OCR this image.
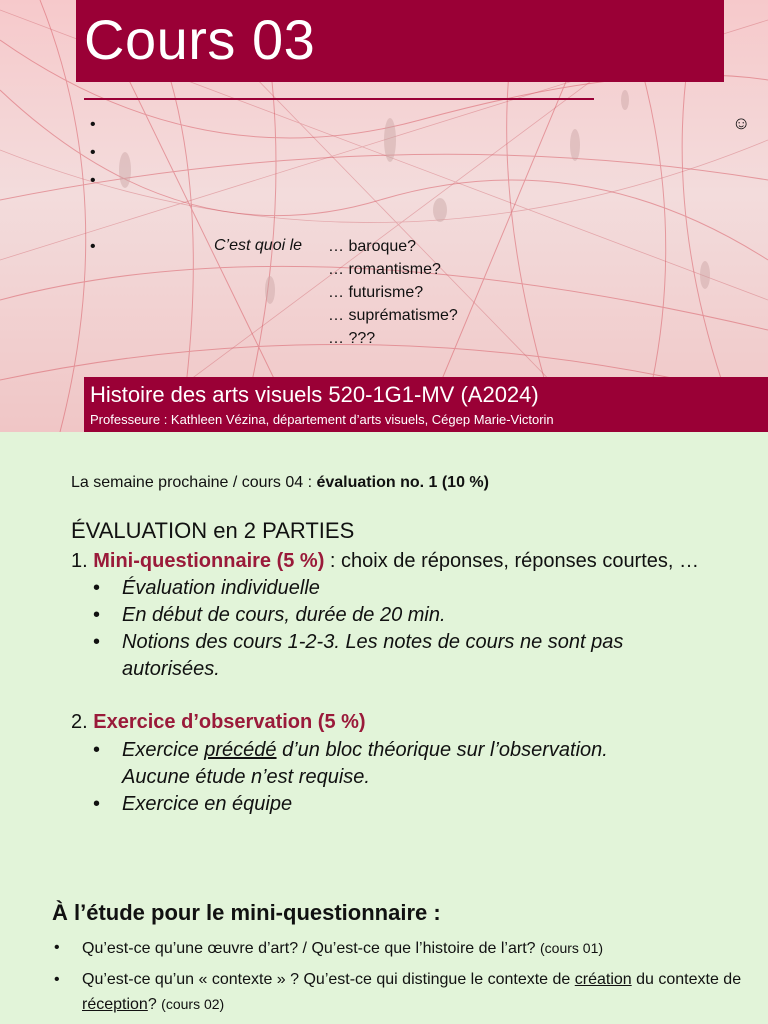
Cours 03
•
•
•
•
☺
C’est quoi le … baroque?
… romantisme?
… futurisme?
… suprématisme?
… ???
Histoire des arts visuels 520-1G1-MV (A2024)
Professeure : Kathleen Vézina, département d’arts visuels, Cégep Marie-Victorin
La semaine prochaine / cours 04 : évaluation no. 1 (10 %)
ÉVALUATION en 2 PARTIES
1. Mini-questionnaire (5 %) : choix de réponses, réponses courtes, …
• Évaluation individuelle
• En début de cours, durée de 20 min.
• Notions des cours 1-2-3. Les notes de cours ne sont pas
autorisées.
2. Exercice d’observation (5 %)
• Exercice précédé d’un bloc théorique sur l’observation.
Aucune étude n’est requise.
• Exercice en équipe
À l’étude pour le mini-questionnaire :
• Qu’est-ce qu’une œuvre d’art? / Qu’est-ce que l’histoire de l’art? (cours 01)
• Qu’est-ce qu’un « contexte » ? Qu’est-ce qui distingue le contexte de création du contexte de réception? (cours 02)
